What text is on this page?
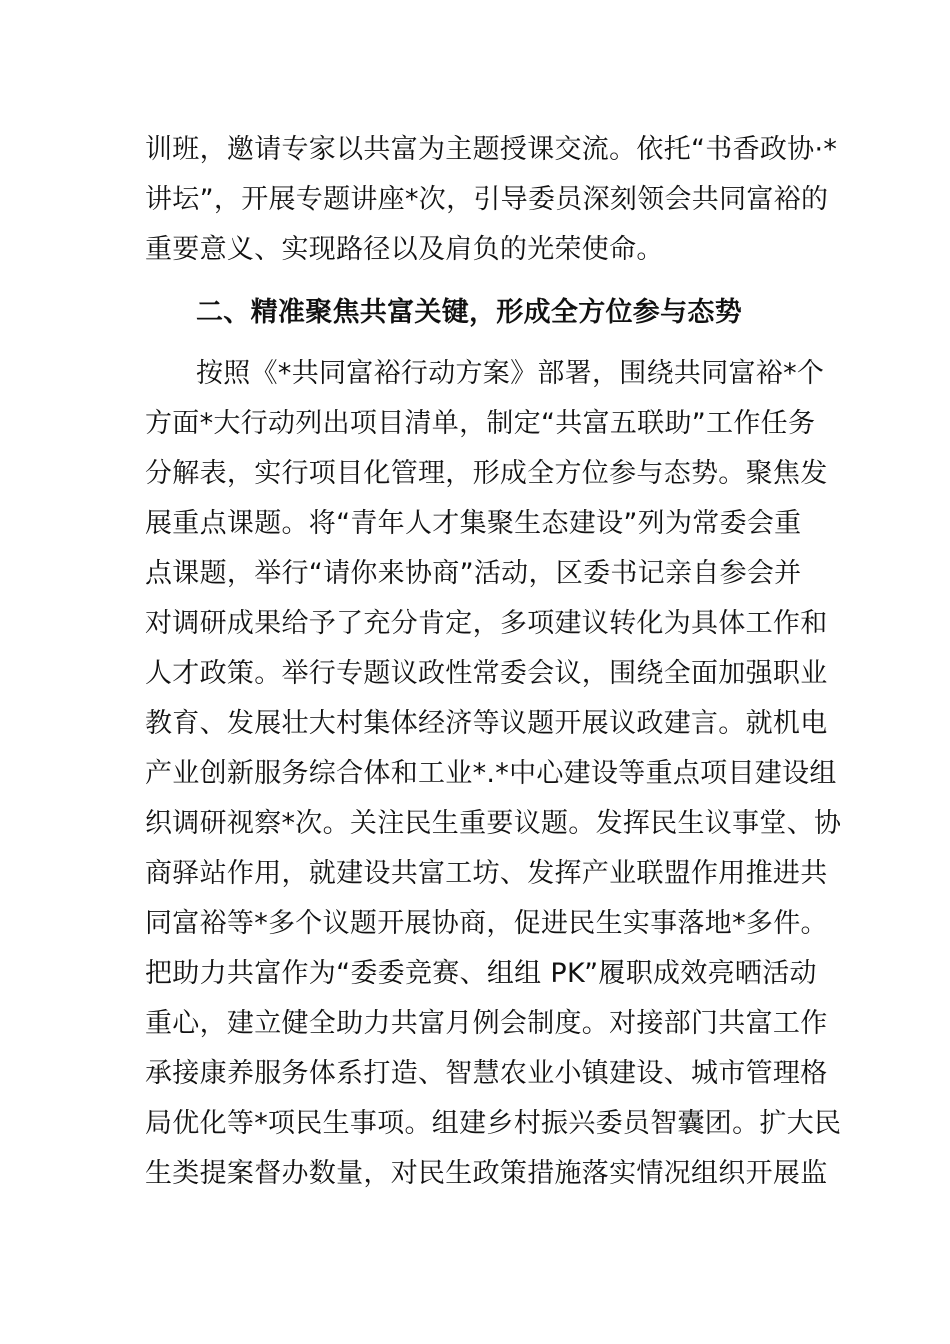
训班，邀请专家以共富为主题授课交流。依托“书香政协·*
讲坛”，开展专题讲座*次，引导委员深刻领会共同富裕的
重要意义、实现路径以及肩负的光荣使命。
二、精准聚焦共富关键，形成全方位参与态势
按照《*共同富裕行动方案》部署，围绕共同富裕*个
方面*大行动列出项目清单，制定“共富五联助”工作任务
分解表，实行项目化管理，形成全方位参与态势。聚焦发
展重点课题。将“青年人才集聚生态建设”列为常委会重
点课题，举行“请你来协商”活动，区委书记亲自参会并
对调研成果给予了充分肯定，多项建议转化为具体工作和
人才政策。举行专题议政性常委会议，围绕全面加强职业
教育、发展壮大村集体经济等议题开展议政建言。就机电
产业创新服务综合体和工业*.*中心建设等重点项目建设组
织调研视察*次。关注民生重要议题。发挥民生议事堂、协
商驿站作用，就建设共富工坊、发挥产业联盟作用推进共
同富裕等*多个议题开展协商，促进民生实事落地*多件。
把助力共富作为“委委竞赛、组组 PK”履职成效亮晒活动
重心，建立健全助力共富月例会制度。对接部门共富工作
承接康养服务体系打造、智慧农业小镇建设、城市管理格
局优化等*项民生事项。组建乡村振兴委员智囊团。扩大民
生类提案督办数量，对民生政策措施落实情况组织开展监
